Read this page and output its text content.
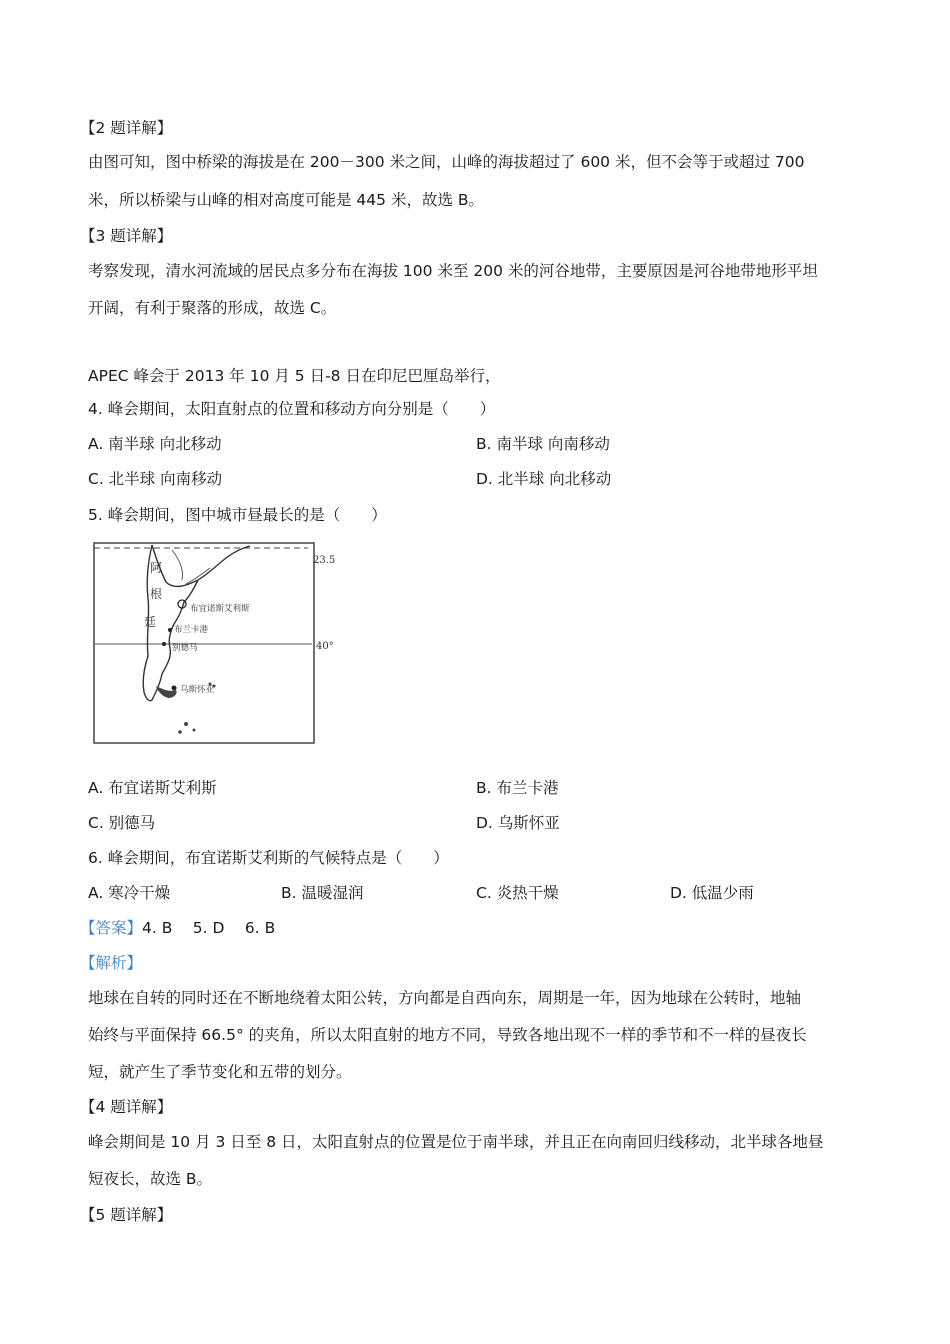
【2 题详解】
由图可知，图中桥梁的海拔是在 200－300 米之间，山峰的海拔超过了 600 米，但不会等于或超过 700
米，所以桥梁与山峰的相对高度可能是 445 米，故选 B。
【3 题详解】
考察发现，清水河流域的居民点多分布在海拔 100 米至 200 米的河谷地带，主要原因是河谷地带地形平坦
开阔，有利于聚落的形成，故选 C。
APEC 峰会于 2013 年 10 月 5 日-8 日在印尼巴厘岛举行，
4. 峰会期间，太阳直射点的位置和移动方向分别是（　　）
A. 南半球 向北移动	B. 南半球 向南移动
C. 北半球 向南移动	D. 北半球 向北移动
5. 峰会期间，图中城市昼最长的是（　　）
23.5
40°
阿
根
廷
布宜诺斯艾利斯
布兰卡港
别德马
乌斯怀亚
A. 布宜诺斯艾利斯	B. 布兰卡港
C. 别德马	D. 乌斯怀亚
6. 峰会期间，布宜诺斯艾利斯的气候特点是（　　）
A. 寒冷干燥	B. 温暖湿润	C. 炎热干燥	D. 低温少雨
【答案】4. B　 5. D　 6. B
【解析】
地球在自转的同时还在不断地绕着太阳公转，方向都是自西向东，周期是一年，因为地球在公转时，地轴
始终与平面保持 66.5° 的夹角，所以太阳直射的地方不同，导致各地出现不一样的季节和不一样的昼夜长
短，就产生了季节变化和五带的划分。
【4 题详解】
峰会期间是 10 月 3 日至 8 日，太阳直射点的位置是位于南半球，并且正在向南回归线移动，北半球各地昼
短夜长，故选 B。
【5 题详解】
